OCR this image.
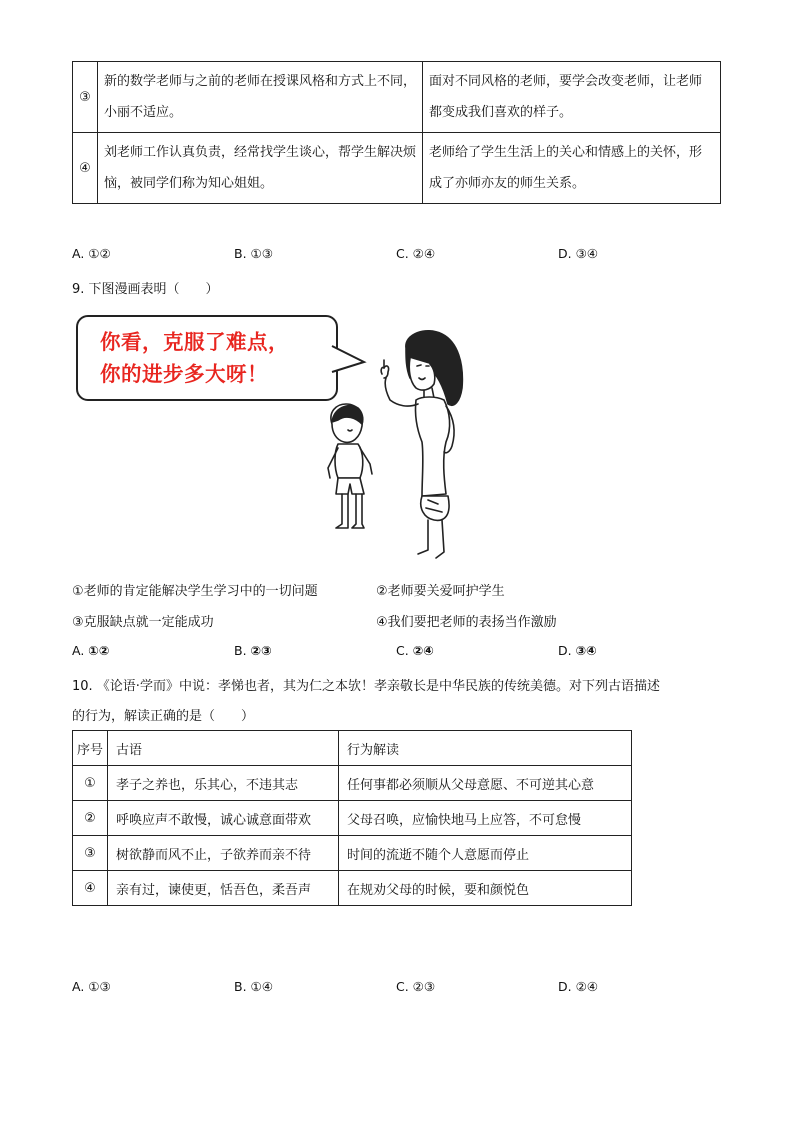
③	新的数学老师与之前的老师在授课风格和方式上不同，小丽不适应。	面对不同风格的老师，要学会改变老师，让老师都变成我们喜欢的样子。
④	刘老师工作认真负责，经常找学生谈心，帮学生解决烦恼，被同学们称为知心姐姐。	老师给了学生生活上的关心和情感上的关怀，形成了亦师亦友的师生关系。
A. ①②	B. ①③	C. ②④	D. ③④
9. 下图漫画表明（　　）
你看，克服了难点，
你的进步多大呀！
①老师的肯定能解决学生学习中的一切问题	②老师要关爱呵护学生
③克服缺点就一定能成功	④我们要把老师的表扬当作激励
A. ①②	B. ②③	C. ②④	D. ③④
10. 《论语·学而》中说：孝悌也者，其为仁之本欤！孝亲敬长是中华民族的传统美德。对下列古语描述
的行为，解读正确的是（　　）
序号	古语	行为解读
①	孝子之养也，乐其心，不违其志	任何事都必须顺从父母意愿、不可逆其心意
②	呼唤应声不敢慢，诚心诚意面带欢	父母召唤，应愉快地马上应答，不可怠慢
③	树欲静而风不止，子欲养而亲不待	时间的流逝不随个人意愿而停止
④	亲有过，谏使更，恬吾色，柔吾声	在规劝父母的时候，要和颜悦色
A. ①③	B. ①④	C. ②③	D. ②④
